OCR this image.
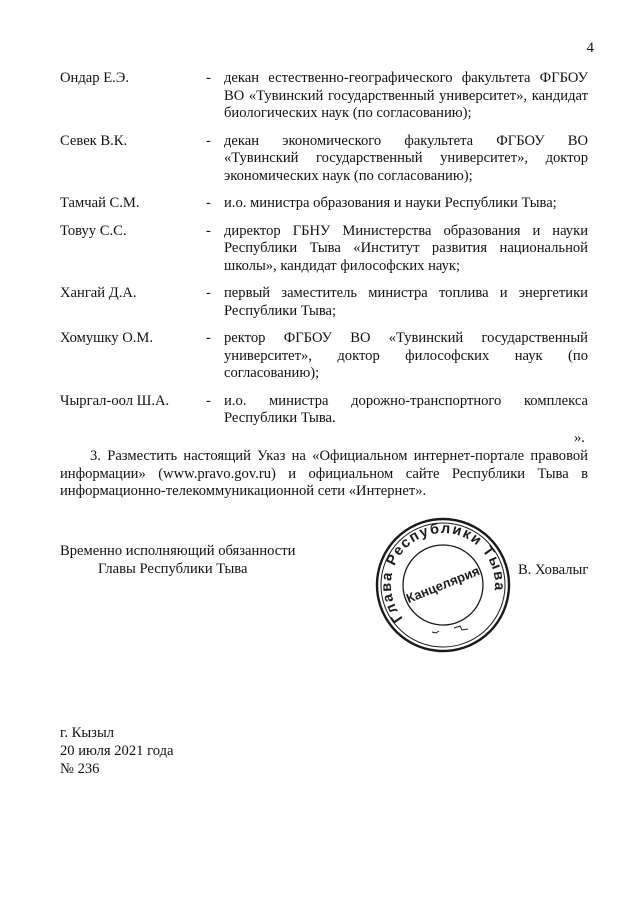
4
Ондар Е.Э.	- декан естественно-географического факультета ФГБОУ ВО «Тувинский государственный университет», кандидат биологических наук (по согласованию);
Севек В.К.	- декан экономического факультета ФГБОУ ВО «Тувинский государственный университет», доктор экономических наук (по согласованию);
Тамчай С.М.	- и.о. министра образования и науки Республики Тыва;
Товуу С.С.	- директор ГБНУ Министерства образования и науки Республики Тыва «Институт развития национальной школы», кандидат философских наук;
Хангай Д.А.	- первый заместитель министра топлива и энергетики Республики Тыва;
Хомушку О.М.	- ректор ФГБОУ ВО «Тувинский государственный университет», доктор философских наук (по согласованию);
Чыргал-оол Ш.А.	- и.о. министра дорожно-транспортного комплекса Республики Тыва.
».
3. Разместить настоящий Указ на «Официальном интернет-портале правовой информации» (www.pravo.gov.ru) и официальном сайте Республики Тыва в информационно-телекоммуникационной сети «Интернет».
Временно исполняющий обязанности
Главы Республики Тыва
Глава Республики Тыва
Канцелярия В. Ховалыг
г. Кызыл
20 июля 2021 года
№ 236
